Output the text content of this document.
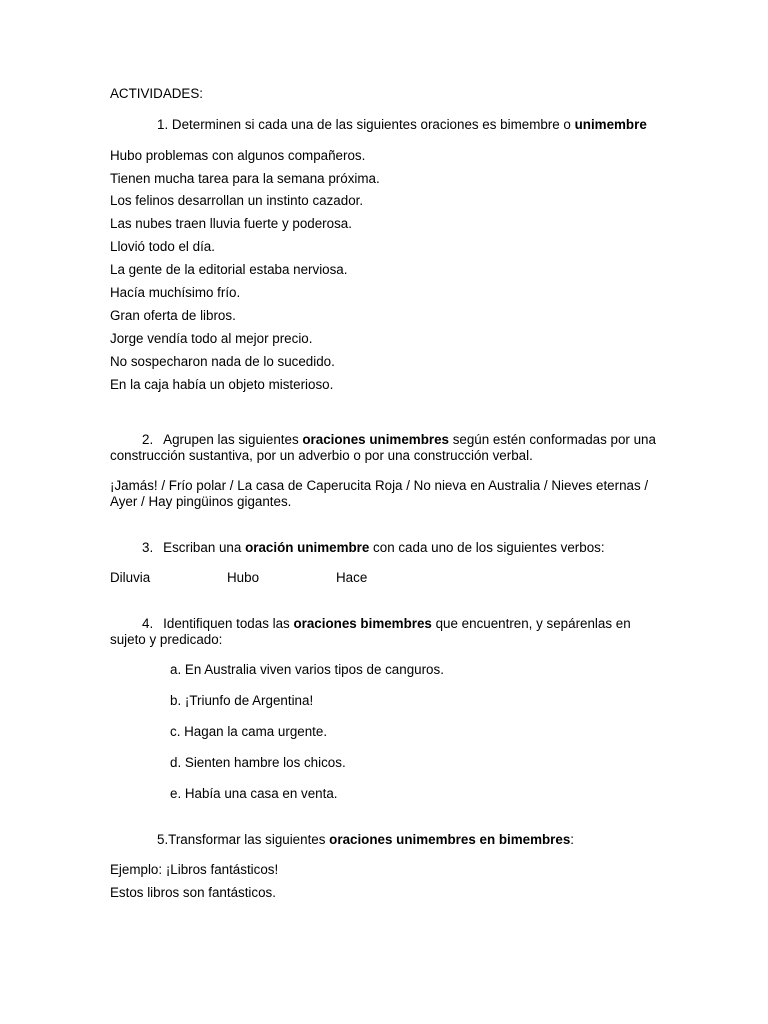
ACTIVIDADES:
1. Determinen si cada una de las siguientes oraciones es bimembre o unimembre
Hubo problemas con algunos compañeros.
Tienen mucha tarea para la semana próxima.
Los felinos desarrollan un instinto cazador.
Las nubes traen lluvia fuerte y poderosa.
Llovió todo el día.
La gente de la editorial estaba nerviosa.
Hacía muchísimo frío.
Gran oferta de libros.
Jorge vendía todo al mejor precio.
No sospecharon nada de lo sucedido.
En la caja había un objeto misterioso.
2. Agrupen las siguientes oraciones unimembres según estén conformadas por una construcción sustantiva, por un adverbio o por una construcción verbal.
¡Jamás! / Frío polar / La casa de Caperucita Roja / No nieva en Australia / Nieves eternas / Ayer / Hay pingüinos gigantes.
3. Escriban una oración unimembre con cada uno de los siguientes verbos:
Diluvia	Hubo	Hace
4. Identifiquen todas las oraciones bimembres que encuentren, y sepárenlas en sujeto y predicado:
a. En Australia viven varios tipos de canguros.
b. ¡Triunfo de Argentina!
c. Hagan la cama urgente.
d. Sienten hambre los chicos.
e. Había una casa en venta.
5.Transformar las siguientes oraciones unimembres en bimembres:
Ejemplo: ¡Libros fantásticos!
Estos libros son fantásticos.
